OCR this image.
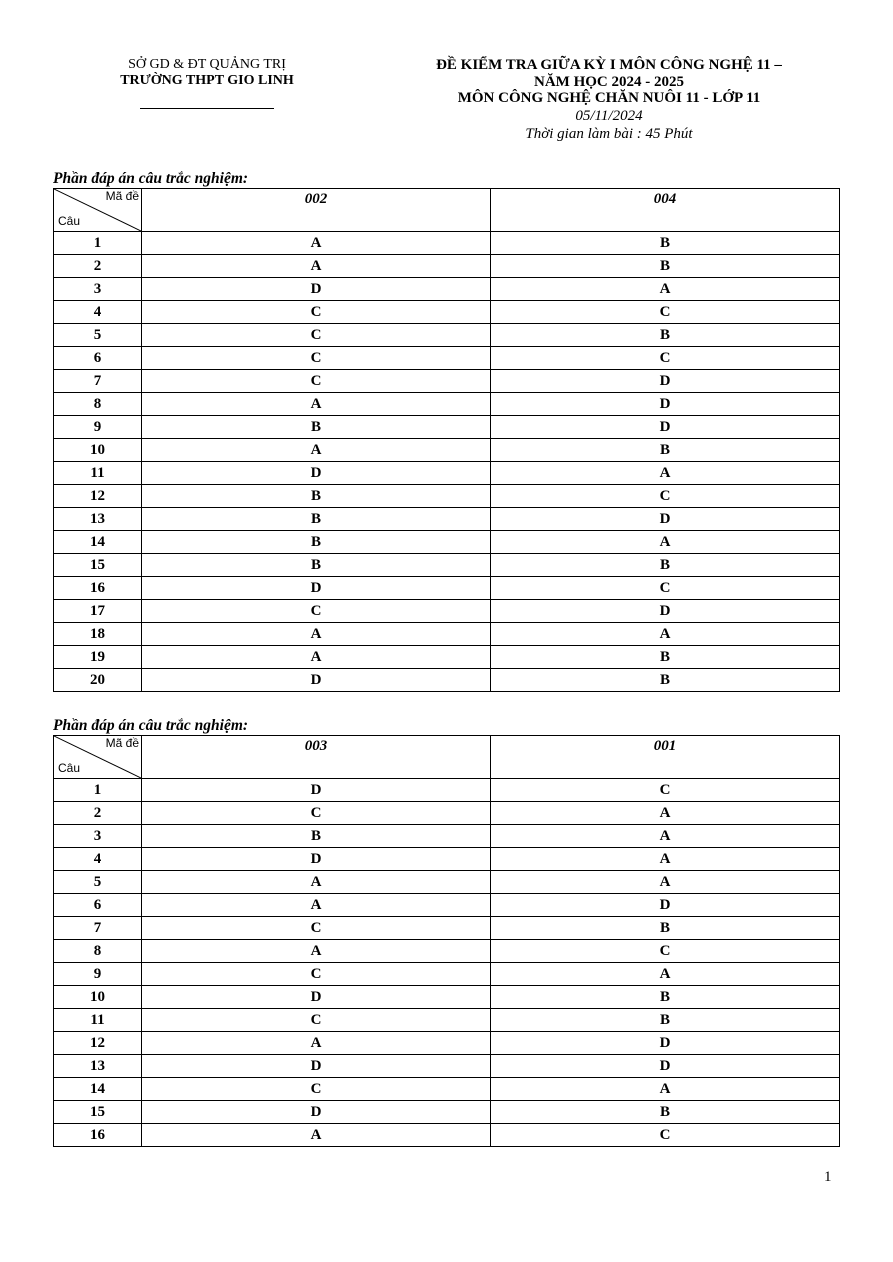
SỞ GD & ĐT QUẢNG TRỊ
TRƯỜNG THPT GIO LINH
ĐỀ KIỂM TRA GIỮA KỲ I MÔN CÔNG NGHỆ 11 –
NĂM HỌC 2024 - 2025
MÔN CÔNG NGHỆ CHĂN NUÔI 11 - LỚP 11
05/11/2024
Thời gian làm bài : 45 Phút
Phần đáp án câu trắc nghiệm:
Mã đề
Câu	002	004
1	A	B
2	A	B
3	D	A
4	C	C
5	C	B
6	C	C
7	C	D
8	A	D
9	B	D
10	A	B
11	D	A
12	B	C
13	B	D
14	B	A
15	B	B
16	D	C
17	C	D
18	A	A
19	A	B
20	D	B
Phần đáp án câu trắc nghiệm:
Mã đề
Câu	003	001
1	D	C
2	C	A
3	B	A
4	D	A
5	A	A
6	A	D
7	C	B
8	A	C
9	C	A
10	D	B
11	C	B
12	A	D
13	D	D
14	C	A
15	D	B
16	A	C
1
